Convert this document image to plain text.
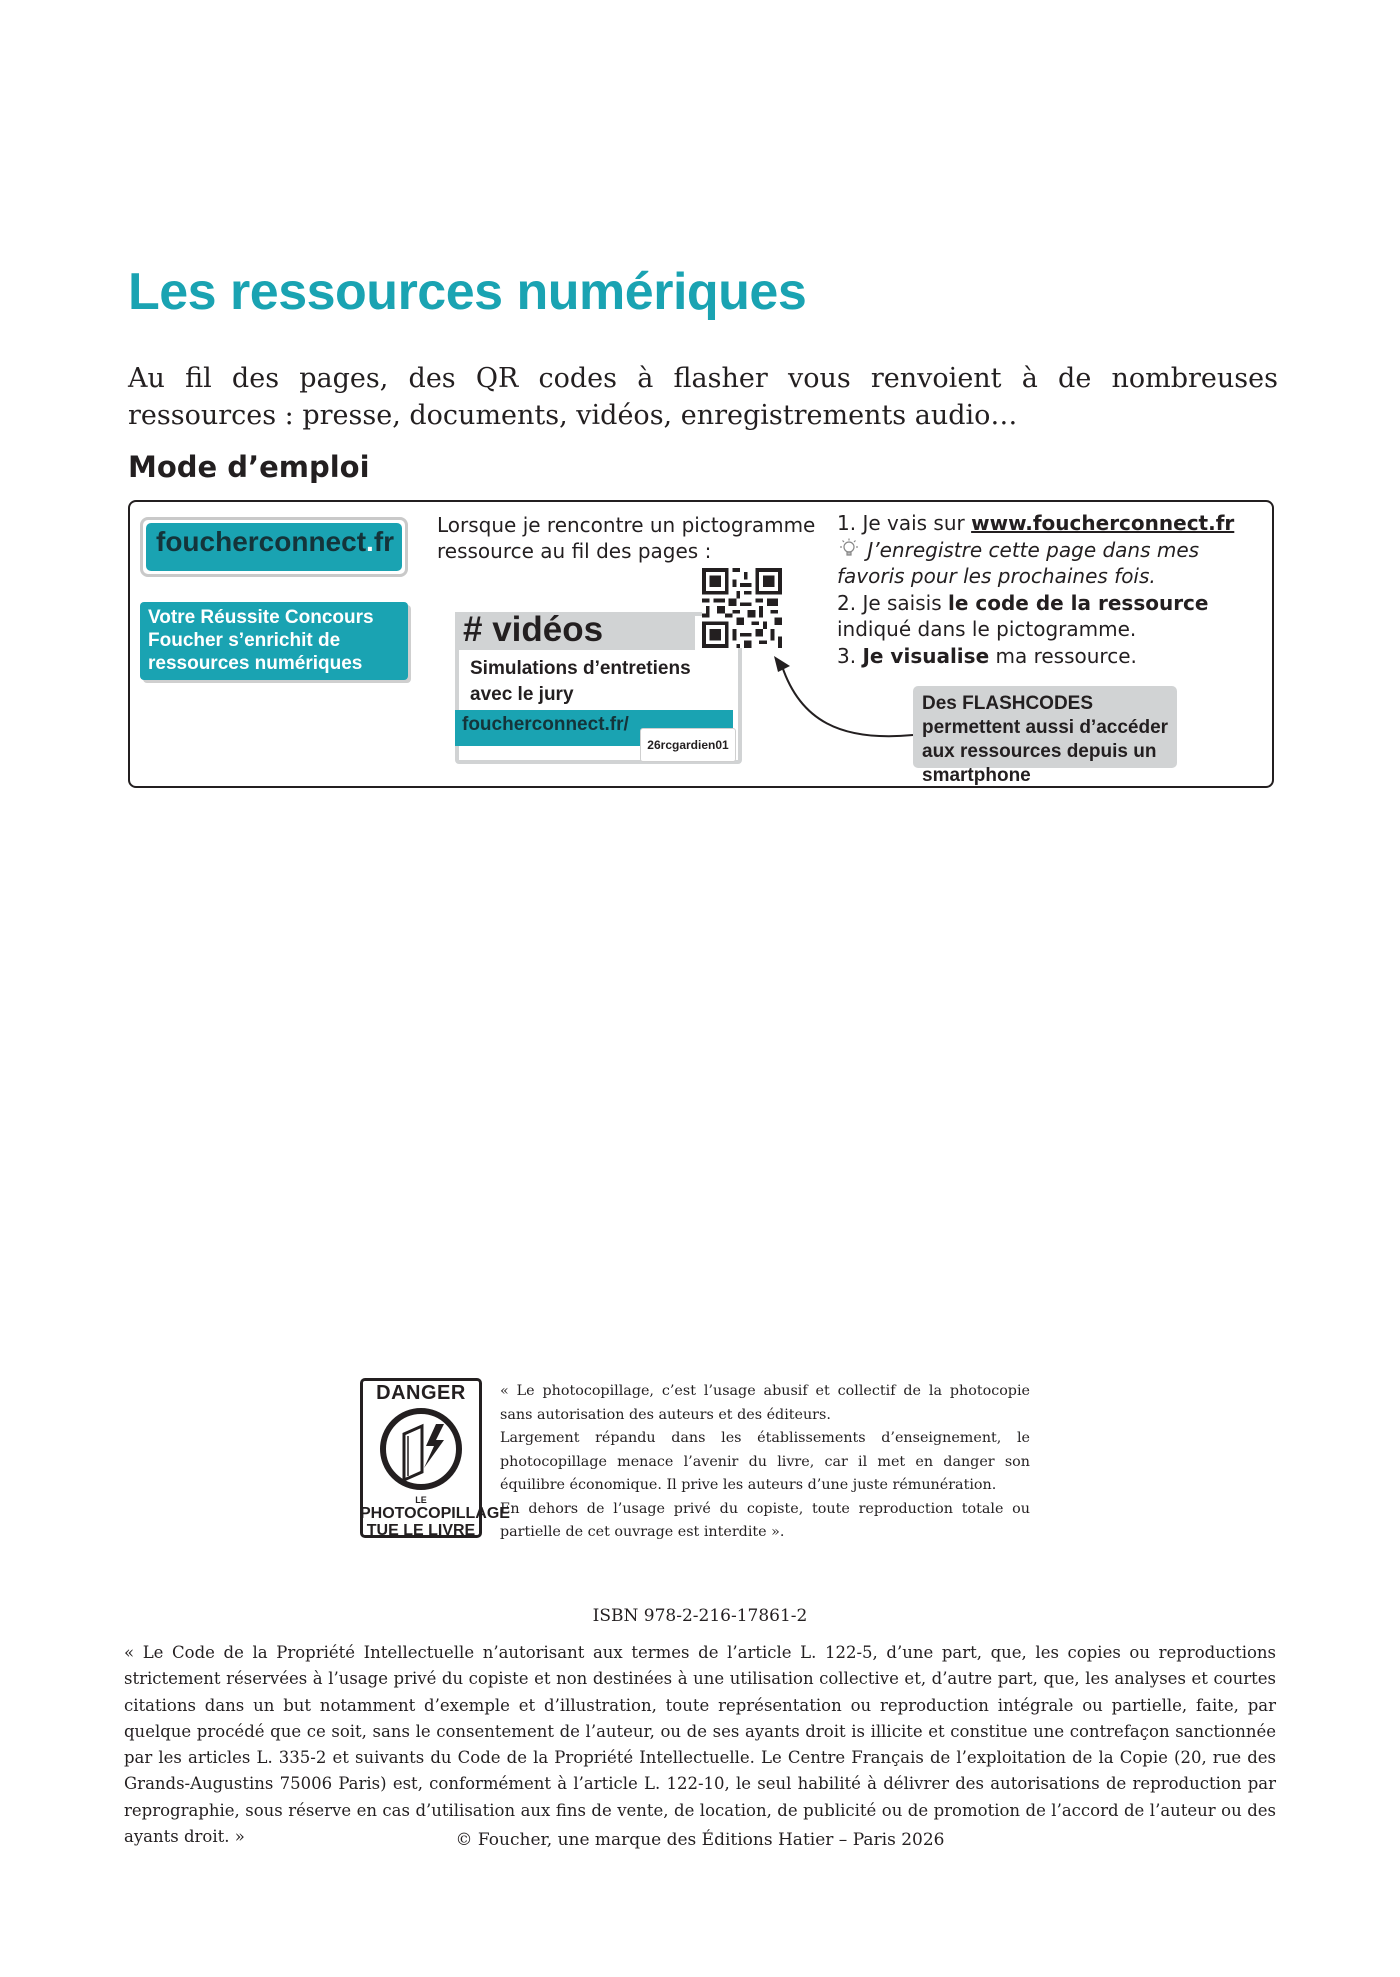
Les ressources numériques
Au fil des pages, des QR codes à flasher vous renvoient à de nombreuses ressources : presse, documents, vidéos, enregistrements audio…
Mode d’emploi
foucherconnect.fr
Votre Réussite Concours Foucher s’enrichit de ressources numériques
Lorsque je rencontre un pictogramme ressource au fil des pages :
# vidéos
Simulations d’entretiens avec le jury
foucherconnect.fr/
26rcgardien01
1. Je vais sur www.foucherconnect.fr
J’enregistre cette page dans mes favoris pour les prochaines fois.
2. Je saisis le code de la ressource indiqué dans le pictogramme.
3. Je visualise ma ressource.
Des FLASHCODES permettent aussi d’accéder aux ressources depuis un smartphone
DANGER
LE
PHOTOCOPILLAGE
TUE LE LIVRE

« Le photocopillage, c’est l’usage abusif et collectif de la photocopie sans autorisation des auteurs et des éditeurs.

Largement répandu dans les établissements d’enseignement, le photocopillage menace l’avenir du livre, car il met en danger son équilibre économique. Il prive les auteurs d’une juste rémunération.

En dehors de l’usage privé du copiste, toute reproduction totale ou partielle de cet ouvrage est interdite ».

ISBN 978-2-216-17861-2
« Le Code de la Propriété Intellectuelle n’autorisant aux termes de l’article L. 122-5, d’une part, que, les copies ou reproductions strictement réservées à l’usage privé du copiste et non destinées à une utilisation collective et, d’autre part, que, les analyses et courtes citations dans un but notamment d’exemple et d’illustration, toute représentation ou reproduction intégrale ou partielle, faite, par quelque procédé que ce soit, sans le consentement de l’auteur, ou de ses ayants droit is illicite et constitue une contrefaçon sanctionnée par les articles L. 335-2 et suivants du Code de la Propriété Intellectuelle. Le Centre Français de l’exploitation de la Copie (20, rue des Grands-Augustins 75006 Paris) est, conformément à l’article L. 122-10, le seul habilité à délivrer des autorisations de reproduction par reprographie, sous réserve en cas d’utilisation aux fins de vente, de location, de publicité ou de promotion de l’accord de l’auteur ou des ayants droit. »	© Foucher, une marque des Éditions Hatier – Paris 2026
